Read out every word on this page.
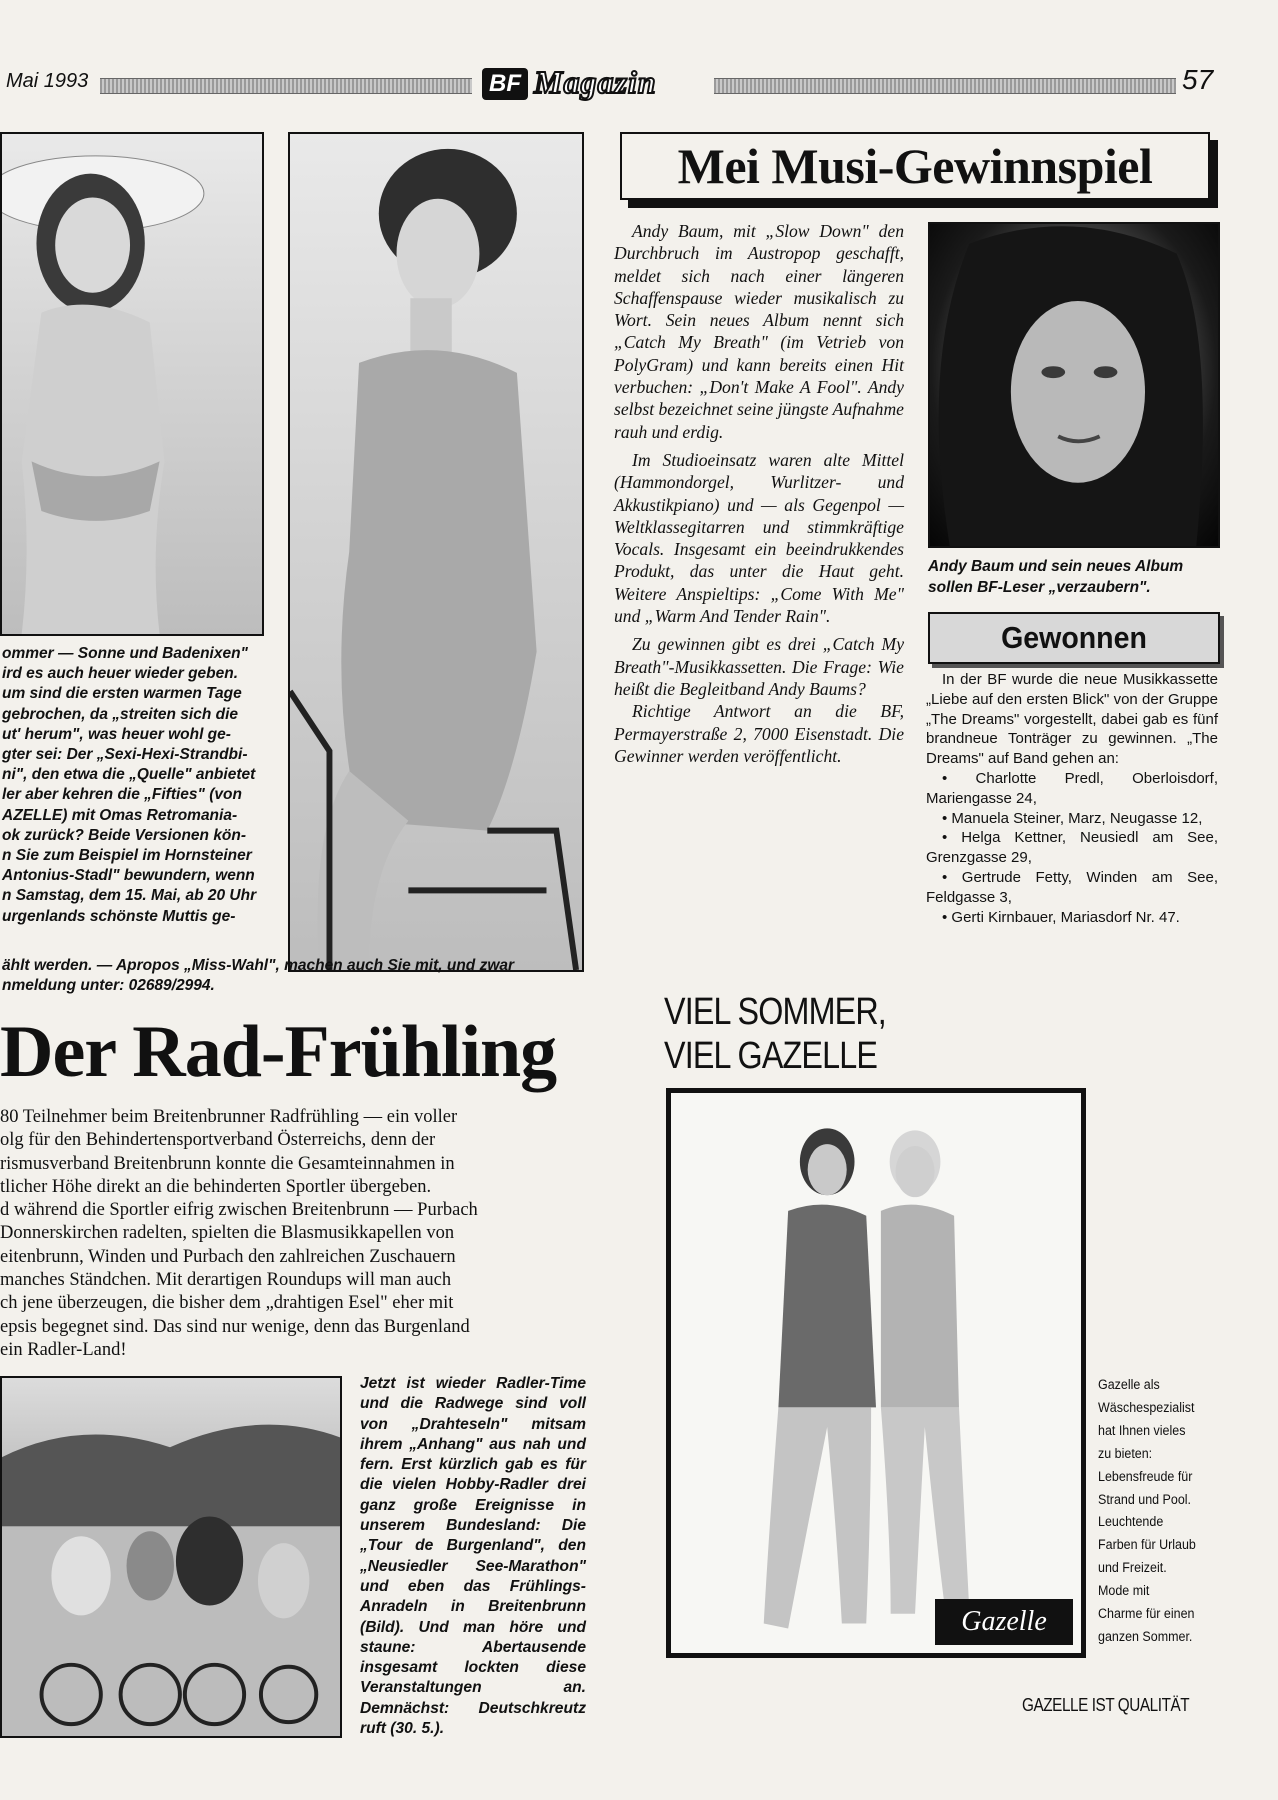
Mai 1993	BF Magazin	57

ommer — Sonne und Badenixen"

ird es auch heuer wieder geben.

um sind die ersten warmen Tage

gebrochen, da „streiten sich die

ut' herum", was heuer wohl ge-

gter sei: Der „Sexi-Hexi-Strandbi-

ni", den etwa die „Quelle" anbietet

ler aber kehren die „Fifties" (von

AZELLE) mit Omas Retromania-

ok zurück? Beide Versionen kön-

n Sie zum Beispiel im Hornsteiner

Antonius-Stadl" bewundern, wenn

n Samstag, dem 15. Mai, ab 20 Uhr

urgenlands schönste Muttis ge-

ählt werden. — Apropos „Miss-Wahl", machen auch Sie mit, und zwar

nmeldung unter: 02689/2994.

Mei Musi-Gewinnspiel

Andy Baum, mit „Slow Down" den Durchbruch im Austropop geschafft, meldet sich nach einer längeren Schaffenspause wieder musikalisch zu Wort. Sein neues Album nennt sich „Catch My Breath" (im Vetrieb von PolyGram) und kann bereits einen Hit verbuchen: „Don't Make A Fool". Andy selbst bezeichnet seine jüngste Aufnahme rauh und erdig.

Im Studioeinsatz waren alte Mittel (Hammondorgel, Wurlitzer- und Akkustikpiano) und — als Gegenpol — Weltklassegitarren und stimmkräftige Vocals. Insgesamt ein beeindrukkendes Produkt, das unter die Haut geht. Weitere Anspieltips: „Come With Me" und „Warm And Tender Rain".

Zu gewinnen gibt es drei „Catch My Breath"-Musikkassetten. Die Frage: Wie heißt die Begleitband Andy Baums?

Richtige Antwort an die BF, Permayerstraße 2, 7000 Eisenstadt. Die Gewinner werden veröffentlicht.

Andy Baum und sein neues Album sollen BF-Leser „verzaubern".
Gewonnen

In der BF wurde die neue Musikkassette „Liebe auf den ersten Blick" von der Gruppe „The Dreams" vorgestellt, dabei gab es fünf brandneue Tonträger zu gewinnen. „The Dreams" auf Band gehen an:

• Charlotte Predl, Oberloisdorf, Mariengasse 24,

• Manuela Steiner, Marz, Neugasse 12,

• Helga Kettner, Neusiedl am See, Grenzgasse 29,

• Gertrude Fetty, Winden am See, Feldgasse 3,

• Gerti Kirnbauer, Mariasdorf Nr. 47.

Der Rad-Frühling

80 Teilnehmer beim Breitenbrunner Radfrühling — ein voller

olg für den Behindertensportverband Österreichs, denn der

rismusverband Breitenbrunn konnte die Gesamteinnahmen in

tlicher Höhe direkt an die behinderten Sportler übergeben.

d während die Sportler eifrig zwischen Breitenbrunn — Purbach

Donnerskirchen radelten, spielten die Blasmusikkapellen von

eitenbrunn, Winden und Purbach den zahlreichen Zuschauern

manches Ständchen. Mit derartigen Roundups will man auch

ch jene überzeugen, die bisher dem „drahtigen Esel" eher mit

epsis begegnet sind. Das sind nur wenige, denn das Burgenland

ein Radler-Land!

Jetzt ist wieder Radler-Time und die Radwege sind voll von „Drahteseln" mitsam ihrem „Anhang" aus nah und fern. Erst kürzlich gab es für die vielen Hobby-Radler drei ganz große Ereignisse in unserem Bundesland: Die „Tour de Burgenland", den „Neusiedler See-Marathon" und eben das Frühlings-Anradeln in Breitenbrunn (Bild). Und man höre und staune: Abertausende insgesamt lockten diese Veranstaltungen an. Demnächst: Deutschkreutz ruft (30. 5.).

VIEL SOMMER,

VIEL GAZELLE

Gazelle
Gazelle als Wäschespezialist hat Ihnen vieles zu bieten: Lebensfreude für Strand und Pool. Leuchtende Farben für Urlaub und Freizeit. Mode mit Charme für einen ganzen Sommer.
GAZELLE IST QUALITÄT
